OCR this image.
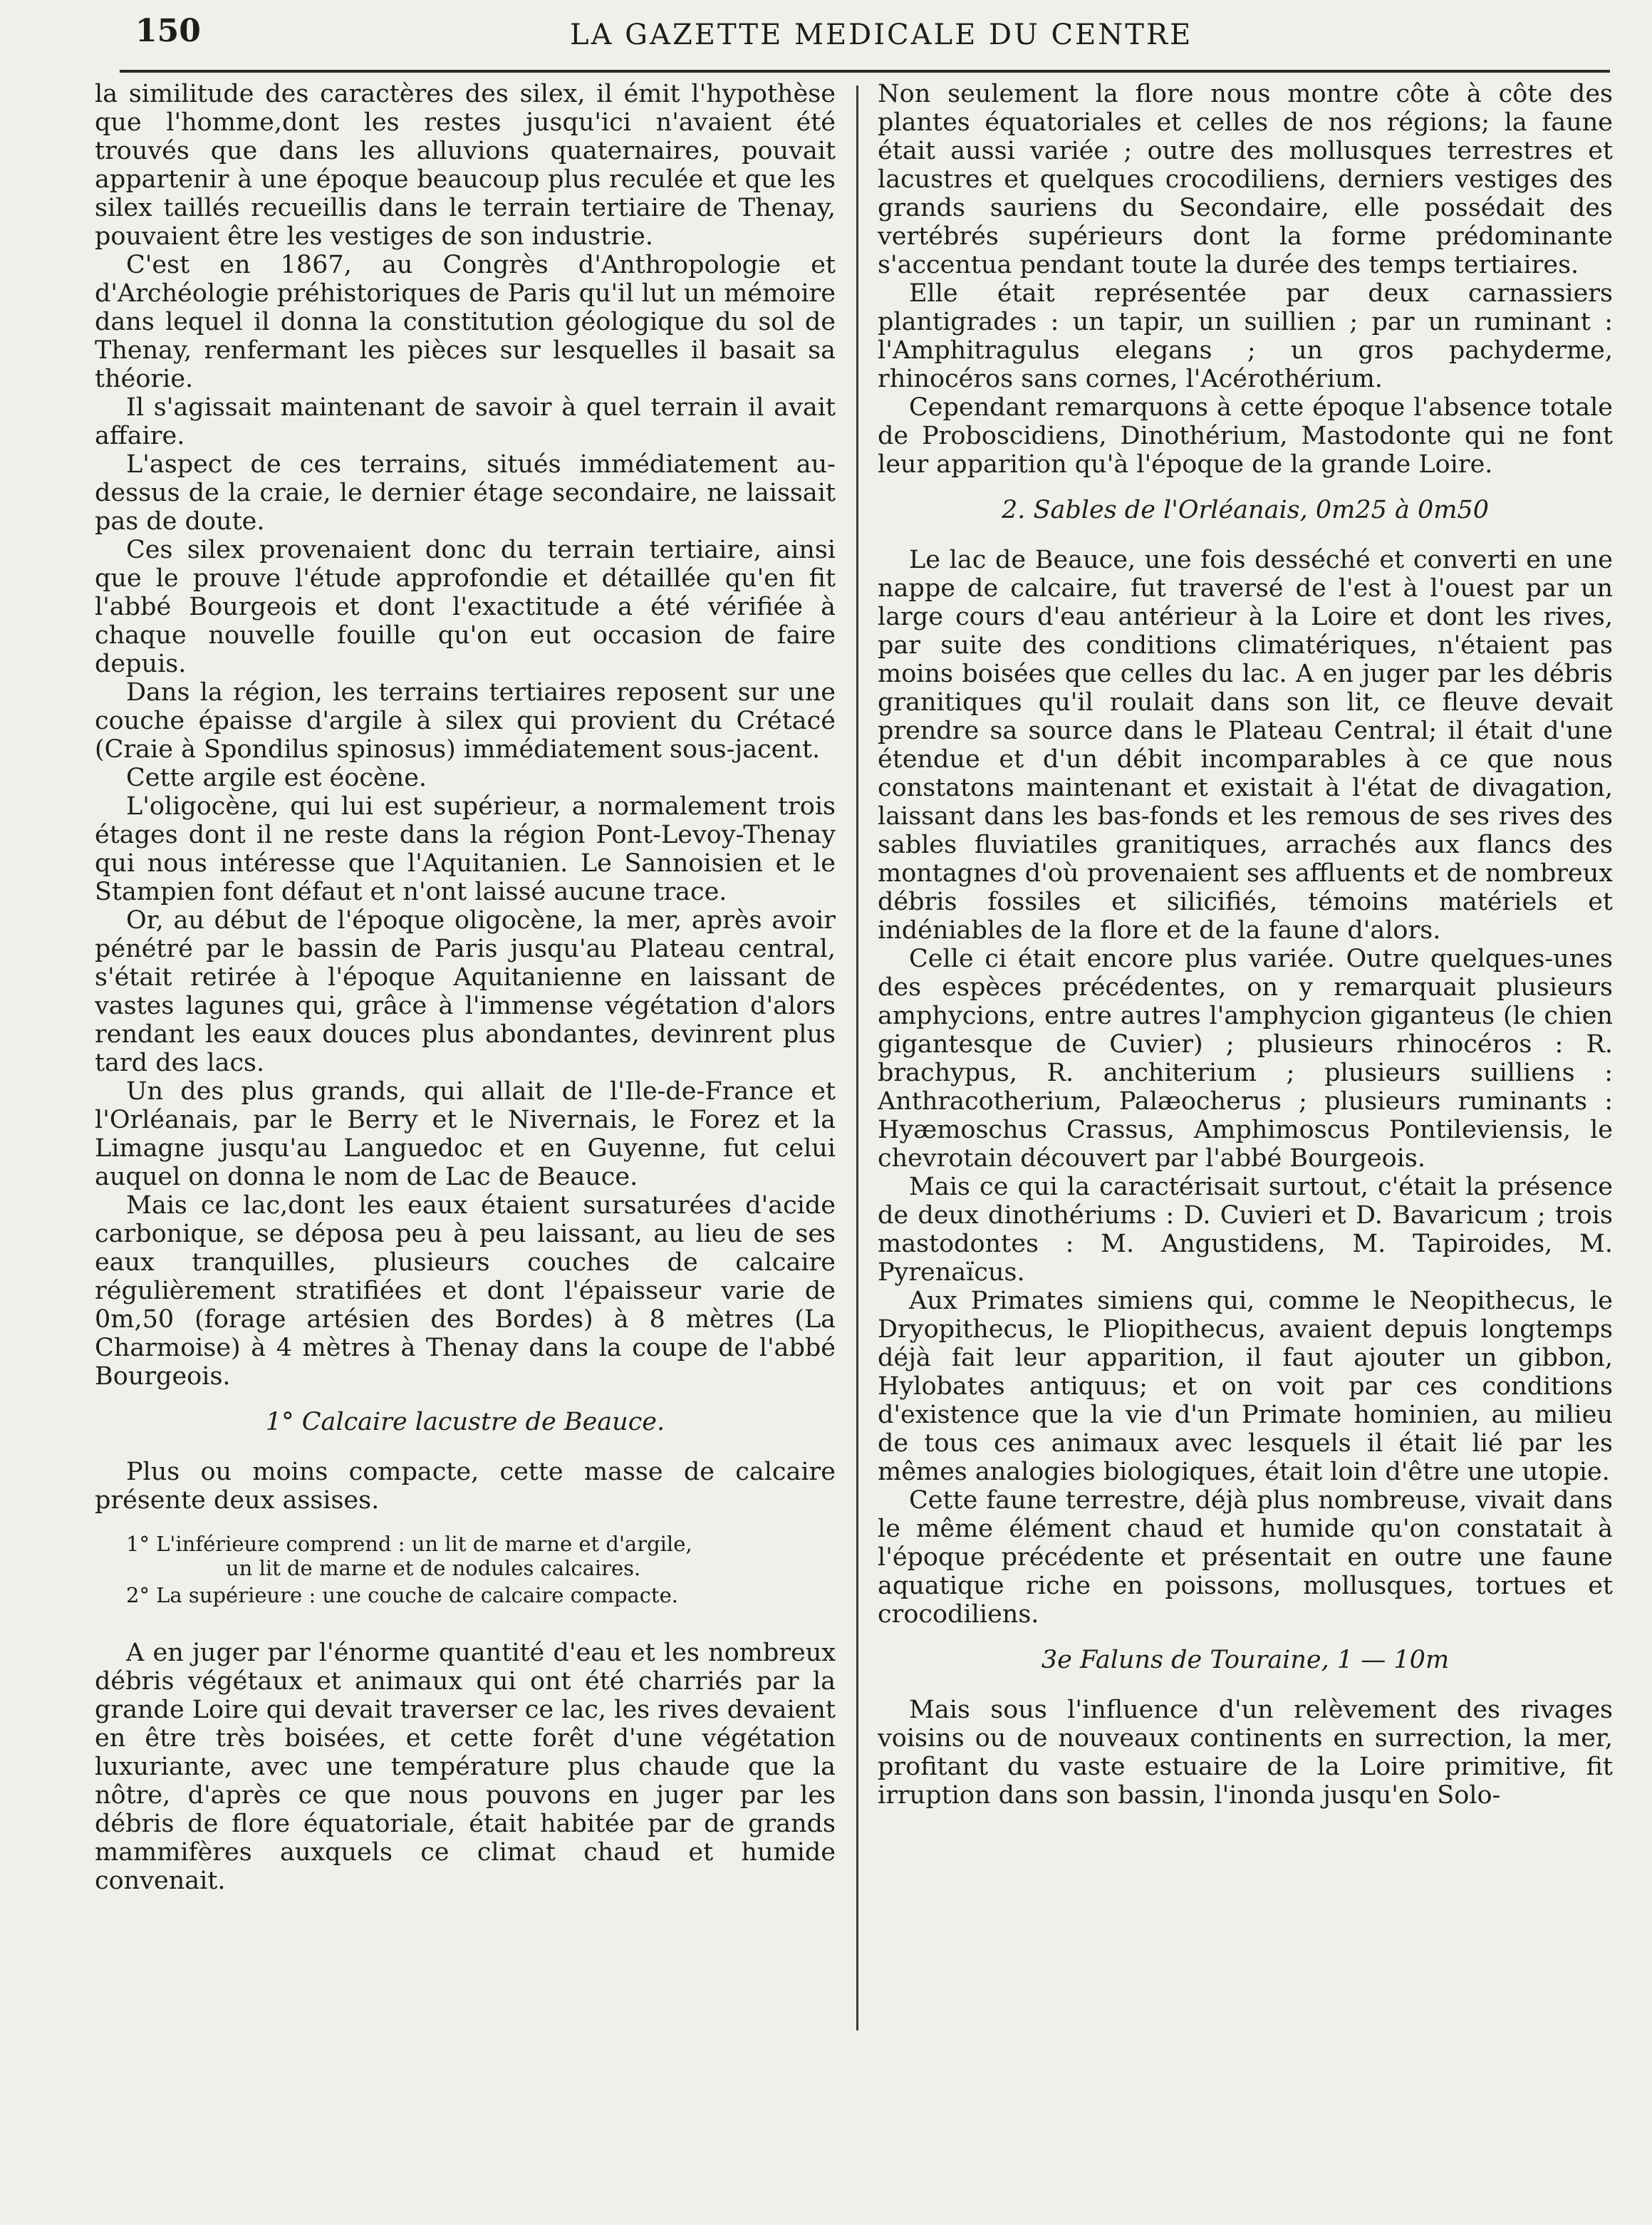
150	LA GAZETTE MEDICALE DU CENTRE

la similitude des caractères des silex, il émit l'hypothèse que l'homme,dont les restes jusqu'ici n'avaient été trouvés que dans les alluvions quaternaires, pouvait appartenir à une époque beaucoup plus reculée et que les silex taillés recueillis dans le terrain tertiaire de Thenay, pouvaient être les vestiges de son industrie.

C'est en 1867, au Congrès d'Anthropologie et d'Archéologie préhistoriques de Paris qu'il lut un mémoire dans lequel il donna la constitution géologique du sol de Thenay, renfermant les pièces sur lesquelles il basait sa théorie.

Il s'agissait maintenant de savoir à quel terrain il avait affaire.

L'aspect de ces terrains, situés immédiatement au-dessus de la craie, le dernier étage secondaire, ne laissait pas de doute.

Ces silex provenaient donc du terrain tertiaire, ainsi que le prouve l'étude approfondie et détaillée qu'en fit l'abbé Bourgeois et dont l'exactitude a été vérifiée à chaque nouvelle fouille qu'on eut occasion de faire depuis.

Dans la région, les terrains tertiaires reposent sur une couche épaisse d'argile à silex qui provient du Crétacé (Craie à Spondilus spinosus) immédiatement sous-jacent.

Cette argile est éocène.

L'oligocène, qui lui est supérieur, a normalement trois étages dont il ne reste dans la région Pont-Levoy-Thenay qui nous intéresse que l'Aquitanien. Le Sannoisien et le Stampien font défaut et n'ont laissé aucune trace.

Or, au début de l'époque oligocène, la mer, après avoir pénétré par le bassin de Paris jusqu'au Plateau central, s'était retirée à l'époque Aquitanienne en laissant de vastes lagunes qui, grâce à l'immense végétation d'alors rendant les eaux douces plus abondantes, devinrent plus tard des lacs.

Un des plus grands, qui allait de l'Ile-de-France et l'Orléanais, par le Berry et le Nivernais, le Forez et la Limagne jusqu'au Languedoc et en Guyenne, fut celui auquel on donna le nom de Lac de Beauce.

Mais ce lac,dont les eaux étaient sursaturées d'acide carbonique, se déposa peu à peu laissant, au lieu de ses eaux tranquilles, plusieurs couches de calcaire régulièrement stratifiées et dont l'épaisseur varie de 0m,50 (forage artésien des Bordes) à 8 mètres (La Charmoise) à 4 mètres à Thenay dans la coupe de l'abbé Bourgeois.

1° Calcaire lacustre de Beauce.

Plus ou moins compacte, cette masse de calcaire présente deux assises.

1° L'inférieure comprend : un lit de marne et d'argile,
un lit de marne et de nodules calcaires.
2° La supérieure : une couche de calcaire compacte.

A en juger par l'énorme quantité d'eau et les nombreux débris végétaux et animaux qui ont été charriés par la grande Loire qui devait traverser ce lac, les rives devaient en être très boisées, et cette forêt d'une végétation luxuriante, avec une température plus chaude que la nôtre, d'après ce que nous pouvons en juger par les débris de flore équatoriale, était habitée par de grands mammifères auxquels ce climat chaud et humide convenait.

Non seulement la flore nous montre côte à côte des plantes équatoriales et celles de nos régions; la faune était aussi variée ; outre des mollusques terrestres et lacustres et quelques crocodiliens, derniers vestiges des grands sauriens du Secondaire, elle possédait des vertébrés supérieurs dont la forme prédominante s'accentua pendant toute la durée des temps tertiaires.

Elle était représentée par deux carnassiers plantigrades : un tapir, un suillien ; par un ruminant : l'Amphitragulus elegans ; un gros pachyderme, rhinocéros sans cornes, l'Acérothérium.

Cependant remarquons à cette époque l'absence totale de Proboscidiens, Dinothérium, Mastodonte qui ne font leur apparition qu'à l'époque de la grande Loire.

2. Sables de l'Orléanais, 0m25 à 0m50

Le lac de Beauce, une fois desséché et converti en une nappe de calcaire, fut traversé de l'est à l'ouest par un large cours d'eau antérieur à la Loire et dont les rives, par suite des conditions climatériques, n'étaient pas moins boisées que celles du lac. A en juger par les débris granitiques qu'il roulait dans son lit, ce fleuve devait prendre sa source dans le Plateau Central; il était d'une étendue et d'un débit incomparables à ce que nous constatons maintenant et existait à l'état de divagation, laissant dans les bas-fonds et les remous de ses rives des sables fluviatiles granitiques, arrachés aux flancs des montagnes d'où provenaient ses affluents et de nombreux débris fossiles et silicifiés, témoins matériels et indéniables de la flore et de la faune d'alors.

Celle ci était encore plus variée. Outre quelques-unes des espèces précédentes, on y remarquait plusieurs amphycions, entre autres l'amphycion giganteus (le chien gigantesque de Cuvier) ; plusieurs rhinocéros : R. brachypus, R. anchiterium ; plusieurs suilliens : Anthracotherium, Palæocherus ; plusieurs ruminants : Hyæmoschus Crassus, Amphimoscus Pontileviensis, le chevrotain découvert par l'abbé Bourgeois.

Mais ce qui la caractérisait surtout, c'était la présence de deux dinothériums : D. Cuvieri et D. Bavaricum ; trois mastodontes : M. Angustidens, M. Tapiroides, M. Pyrenaïcus.

Aux Primates simiens qui, comme le Neopithecus, le Dryopithecus, le Pliopithecus, avaient depuis longtemps déjà fait leur apparition, il faut ajouter un gibbon, Hylobates antiquus; et on voit par ces conditions d'existence que la vie d'un Primate hominien, au milieu de tous ces animaux avec lesquels il était lié par les mêmes analogies biologiques, était loin d'être une utopie.

Cette faune terrestre, déjà plus nombreuse, vivait dans le même élément chaud et humide qu'on constatait à l'époque précédente et présentait en outre une faune aquatique riche en poissons, mollusques, tortues et crocodiliens.

3e Faluns de Touraine, 1 — 10m

Mais sous l'influence d'un relèvement des rivages voisins ou de nouveaux continents en surrection, la mer, profitant du vaste estuaire de la Loire primitive, fit irruption dans son bassin, l'inonda jusqu'en Solo-
